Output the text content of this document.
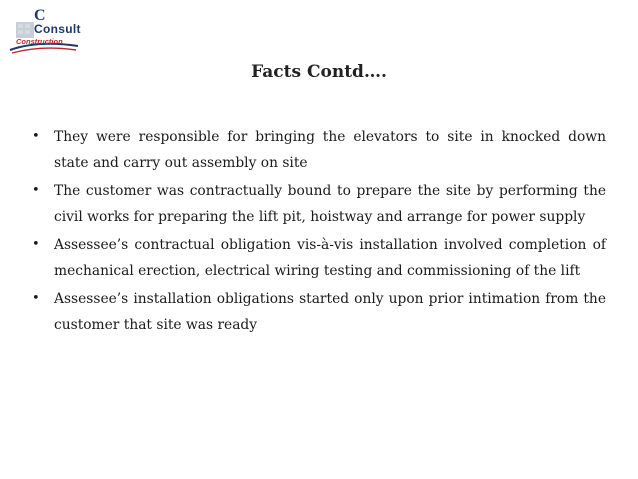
C
Consult
Construction
Facts Contd….
• They were responsible for bringing the elevators to site in knocked down state and carry out assembly on site
• The customer was contractually bound to prepare the site by performing the civil works for preparing the lift pit, hoistway and arrange for power supply
• Assessee’s contractual obligation vis-à-vis installation involved completion of mechanical erection, electrical wiring testing and commissioning of the lift
• Assessee’s installation obligations started only upon prior intimation from the customer that site was ready
